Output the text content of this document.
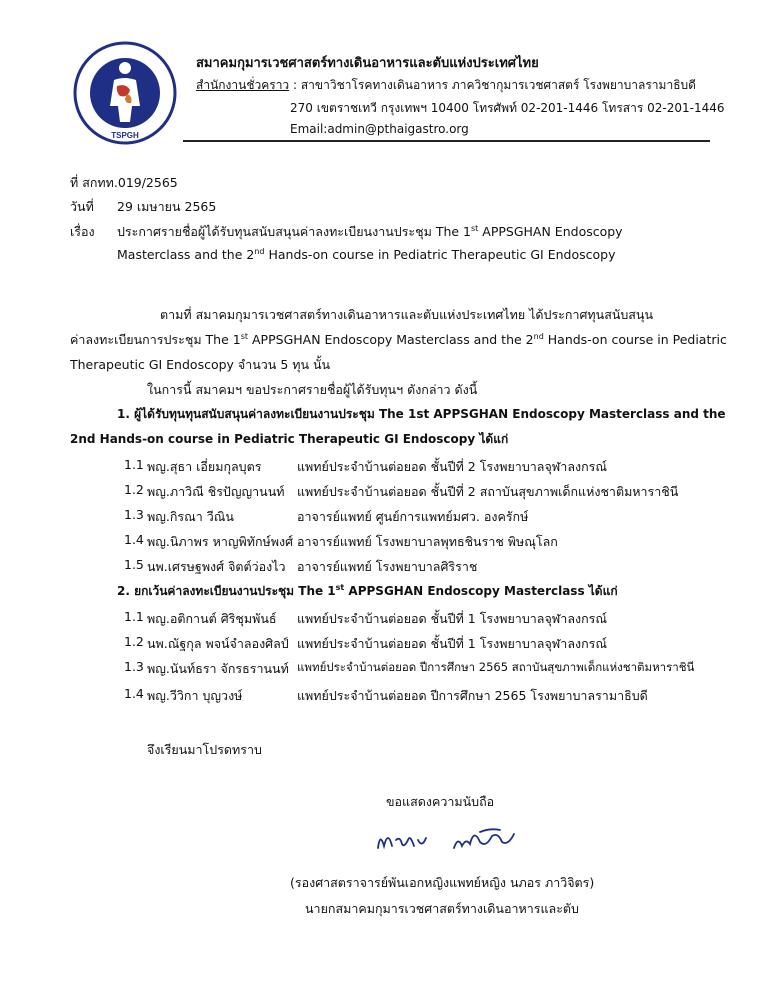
TSPGH
สมาคมกุมารเวชศาสตร์ทางเดินอาหารและตับแห่งประเทศไทย
สำนักงานชั่วคราว : สาขาวิชาโรคทางเดินอาหาร ภาควิชากุมารเวชศาสตร์ โรงพยาบาลรามาธิบดี
270 เขตราชเทวี กรุงเทพฯ 10400 โทรศัพท์ 02-201-1446 โทรสาร 02-201-1446
Email:admin@pthaigastro.org
ที่ สกทท.019/2565
วันที่ 29 เมษายน 2565
เรื่อง ประกาศรายชื่อผู้ได้รับทุนสนับสนุนค่าลงทะเบียนงานประชุม The 1st APPSGHAN Endoscopy
Masterclass and the 2nd Hands-on course in Pediatric Therapeutic GI Endoscopy
ตามที่ สมาคมกุมารเวชศาสตร์ทางเดินอาหารและตับแห่งประเทศไทย ได้ประกาศทุนสนับสนุน
ค่าลงทะเบียนการประชุม The 1st APPSGHAN Endoscopy Masterclass and the 2nd Hands-on course in Pediatric
Therapeutic GI Endoscopy จำนวน 5 ทุน นั้น
ในการนี้ สมาคมฯ ขอประกาศรายชื่อผู้ได้รับทุนฯ ดังกล่าว ดังนี้
1. ผู้ได้รับทุนทุนสนับสนุนค่าลงทะเบียนงานประชุม The 1st APPSGHAN Endoscopy Masterclass and the
2nd Hands-on course in Pediatric Therapeutic GI Endoscopy ได้แก่
1.1 พญ.สุธา เอี่ยมกุลบุตร	แพทย์ประจำบ้านต่อยอด ชั้นปีที่ 2 โรงพยาบาลจุฬาลงกรณ์
1.2 พญ.ภาวิณี ชิรปัญญานนท์ แพทย์ประจำบ้านต่อยอด ชั้นปีที่ 2 สถาบันสุขภาพเด็กแห่งชาติมหาราชินี
1.3 พญ.กิรณา วีณิน	อาจารย์แพทย์ ศูนย์การแพทย์มศว. องครักษ์
1.4 พญ.นิภาพร หาญพิทักษ์พงศ์ อาจารย์แพทย์ โรงพยาบาลพุทธชินราช พิษณุโลก
1.5 นพ.เศรษฐพงศ์ จิตต์ว่องไว อาจารย์แพทย์ โรงพยาบาลศิริราช
2. ยกเว้นค่าลงทะเบียนงานประชุม The 1st APPSGHAN Endoscopy Masterclass ได้แก่
1.1 พญ.อติกานต์ ศิริชุมพันธ์ แพทย์ประจำบ้านต่อยอด ชั้นปีที่ 1 โรงพยาบาลจุฬาลงกรณ์
1.2 นพ.ณัฐกุล พจน์จำลองศิลป์ แพทย์ประจำบ้านต่อยอด ชั้นปีที่ 1 โรงพยาบาลจุฬาลงกรณ์
1.3 พญ.นันท์ธรา จักรธรานนท์ แพทย์ประจำบ้านต่อยอด ปีการศึกษา 2565 สถาบันสุขภาพเด็กแห่งชาติมหาราชินี
1.4 พญ.วีวิกา บุญวงษ์	แพทย์ประจำบ้านต่อยอด ปีการศึกษา 2565 โรงพยาบาลรามาธิบดี
จึงเรียนมาโปรดทราบ
ขอแสดงความนับถือ
(รองศาสตราจารย์พันเอกหญิงแพทย์หญิง นภอร ภาวิจิตร)
นายกสมาคมกุมารเวชศาสตร์ทางเดินอาหารและตับ
